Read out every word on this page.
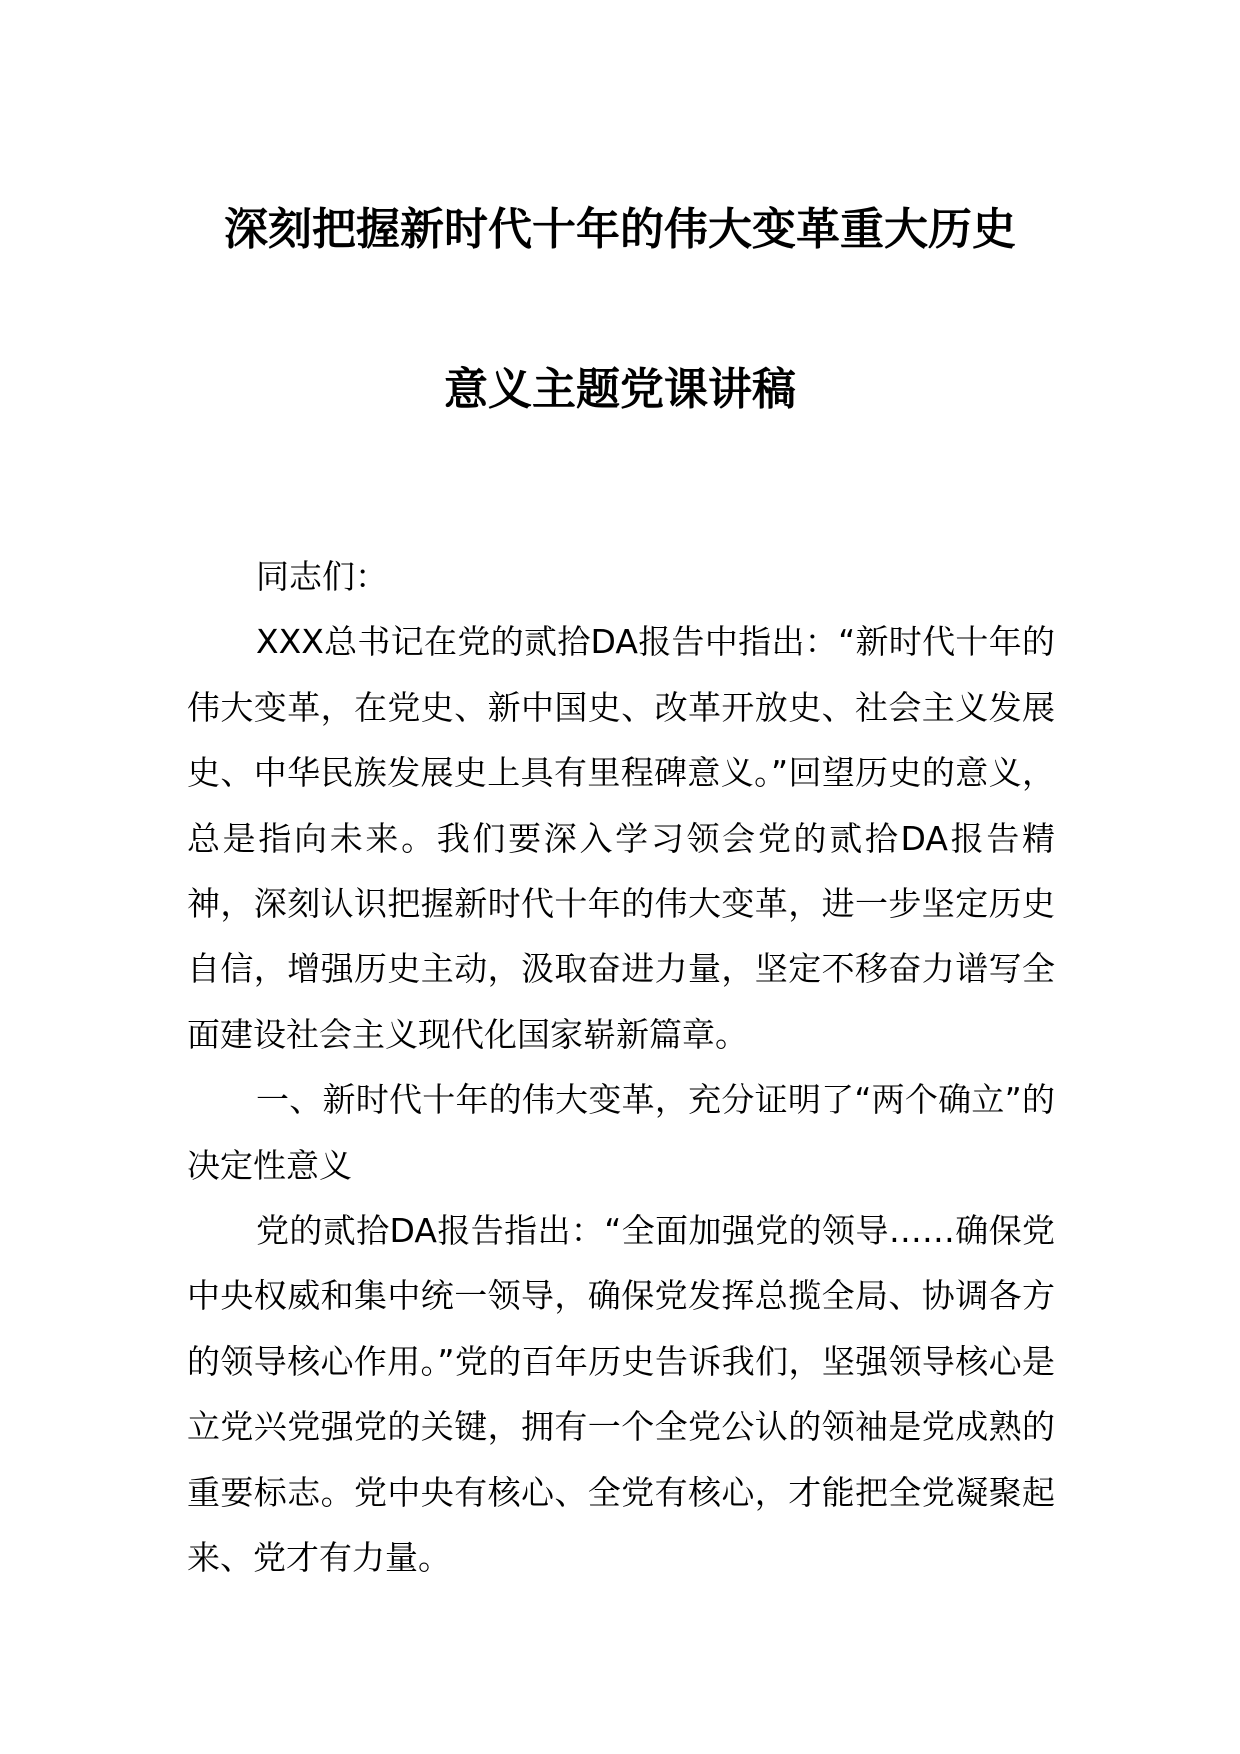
深刻把握新时代十年的伟大变革重大历史
意义主题党课讲稿

同志们：

XXX总书记在党的贰拾DA报告中指出：“新时代十年的伟大变革，在党史、新中国史、改革开放史、社会主义发展史、中华民族发展史上具有里程碑意义。”回望历史的意义，总是指向未来。我们要深入学习领会党的贰拾DA报告精神，深刻认识把握新时代十年的伟大变革，进一步坚定历史自信，增强历史主动，汲取奋进力量，坚定不移奋力谱写全面建设社会主义现代化国家崭新篇章。

一、新时代十年的伟大变革，充分证明了“两个确立”的决定性意义

党的贰拾DA报告指出：“全面加强党的领导……确保党中央权威和集中统一领导，确保党发挥总揽全局、协调各方的领导核心作用。”党的百年历史告诉我们，坚强领导核心是立党兴党强党的关键，拥有一个全党公认的领袖是党成熟的重要标志。党中央有核心、全党有核心，才能把全党凝聚起来、党才有力量。
